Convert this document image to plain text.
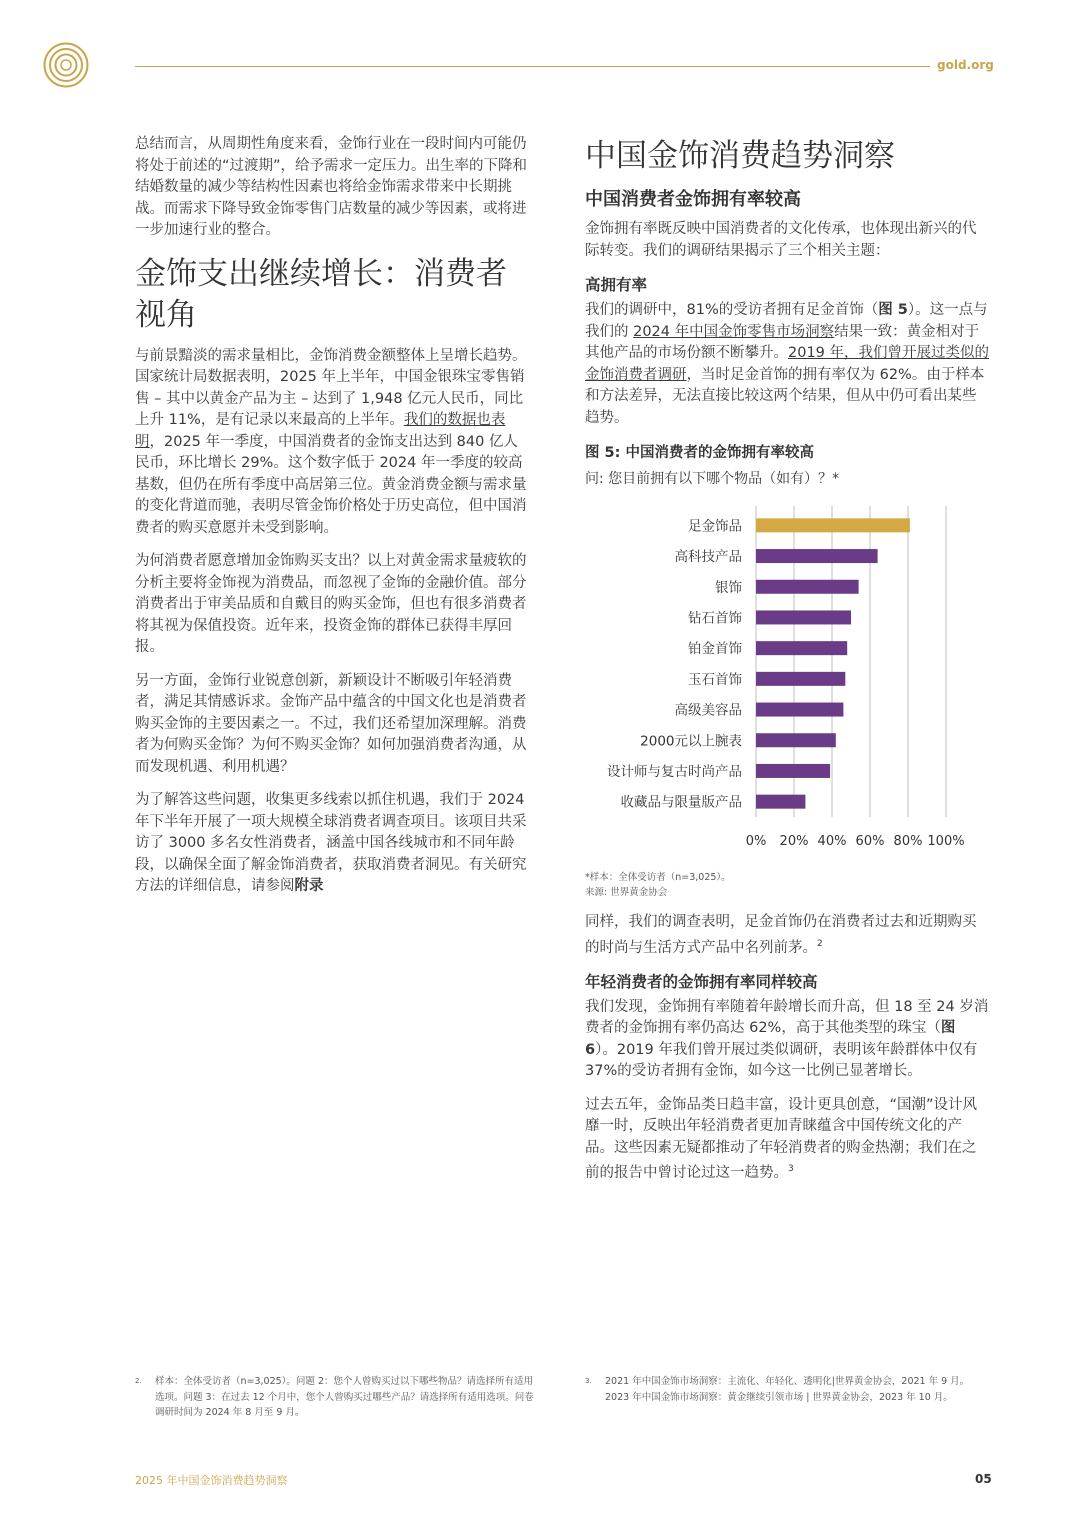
gold.org

总结而言，从周期性角度来看，金饰行业在一段时间内可能仍将处于前述的“过渡期”，给予需求一定压力。出生率的下降和结婚数量的减少等结构性因素也将给金饰需求带来中长期挑战。而需求下降导致金饰零售门店数量的减少等因素，或将进一步加速行业的整合。

金饰支出继续增长：消费者视角

与前景黯淡的需求量相比，金饰消费金额整体上呈增长趋势。国家统计局数据表明，2025 年上半年，中国金银珠宝零售销售 – 其中以黄金产品为主 – 达到了 1,948 亿元人民币，同比上升 11%，是有记录以来最高的上半年。我们的数据也表明，2025 年一季度，中国消费者的金饰支出达到 840 亿人民币，环比增长 29%。这个数字低于 2024 年一季度的较高基数，但仍在所有季度中高居第三位。黄金消费金额与需求量的变化背道而驰，表明尽管金饰价格处于历史高位，但中国消费者的购买意愿并未受到影响。

为何消费者愿意增加金饰购买支出？以上对黄金需求量疲软的分析主要将金饰视为消费品，而忽视了金饰的金融价值。部分消费者出于审美品质和自戴目的购买金饰，但也有很多消费者将其视为保值投资。近年来，投资金饰的群体已获得丰厚回报。

另一方面，金饰行业锐意创新，新颖设计不断吸引年轻消费者，满足其情感诉求。金饰产品中蕴含的中国文化也是消费者购买金饰的主要因素之一。不过，我们还希望加深理解。消费者为何购买金饰？为何不购买金饰？如何加强消费者沟通，从而发现机遇、利用机遇？

为了解答这些问题，收集更多线索以抓住机遇，我们于 2024 年下半年开展了一项大规模全球消费者调查项目。该项目共采访了 3000 多名女性消费者，涵盖中国各线城市和不同年龄段，以确保全面了解金饰消费者，获取消费者洞见。有关研究方法的详细信息，请参阅附录

中国金饰消费趋势洞察
中国消费者金饰拥有率较高

金饰拥有率既反映中国消费者的文化传承，也体现出新兴的代际转变。我们的调研结果揭示了三个相关主题：

高拥有率

我们的调研中，81%的受访者拥有足金首饰（图 5）。这一点与我们的 2024 年中国金饰零售市场洞察结果一致：黄金相对于其他产品的市场份额不断攀升。2019 年，我们曾开展过类似的金饰消费者调研，当时足金首饰的拥有率仅为 62%。由于样本和方法差异，无法直接比较这两个结果，但从中仍可看出某些趋势。

图 5: 中国消费者的金饰拥有率较高
问: 您目前拥有以下哪个物品（如有）？*
0% 20% 40% 60% 80% 100%
足金饰品
高科技产品
银饰
钻石首饰
铂金首饰
玉石首饰
高级美容品
2000元以上腕表
设计师与复古时尚产品
收藏品与限量版产品
*样本：全体受访者（n=3,025）。
来源: 世界黄金协会

同样，我们的调查表明，足金首饰仍在消费者过去和近期购买的时尚与生活方式产品中名列前茅。$^2$

年轻消费者的金饰拥有率同样较高

我们发现，金饰拥有率随着年龄增长而升高，但 18 至 24 岁消费者的金饰拥有率仍高达 62%，高于其他类型的珠宝（图 6）。2019 年我们曾开展过类似调研，表明该年龄群体中仅有 37%的受访者拥有金饰，如今这一比例已显著增长。

过去五年，金饰品类日趋丰富，设计更具创意，“国潮”设计风靡一时，反映出年轻消费者更加青睐蕴含中国传统文化的产品。这些因素无疑都推动了年轻消费者的购金热潮；我们在之前的报告中曾讨论过这一趋势。$^3$

2.	样本：全体受访者（n=3,025）。问题 2：您个人曾购买过以下哪些物品？请选择所有适用选项。问题 3：在过去 12 个月中，您个人曾购买过哪些产品？请选择所有适用选项。问卷调研时间为 2024 年 8 月至 9 月。
3. 2021 年中国金饰市场洞察：主流化、年轻化、透明化|世界黄金协会，2021 年 9 月。
2023 年中国金饰市场洞察：黄金继续引领市场 | 世界黄金协会，2023 年 10 月。
2025 年中国金饰消费趋势洞察	05
